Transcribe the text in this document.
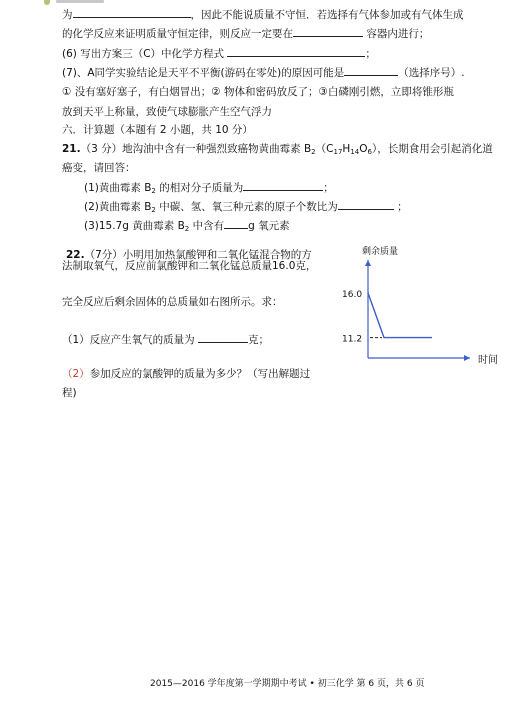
为	，因此不能说质量不守恒．若选择有气体参加或有气体生成
的化学反应来证明质量守恒定律，则反应一定要在	容器内进行；
(6) 写出方案三（C）中化学方程式	；
(7)、A同学实验结论是天平不平衡(游码在零处)的原因可能是	（选择序号）.
① 没有塞好塞子，有白烟冒出；② 物体和密码放反了；③白磷刚引燃，立即将锥形瓶
放到天平上称量，致使气球膨胀产生空气浮力
六．计算题（本题有 2 小题，共 10 分）
21.（3 分）地沟油中含有一种强烈致癌物黄曲霉素 $B_2(C_{17}H_{14}O_6)$，长期食用会引起消化道
癌变，请回答：
(1)黄曲霉素 $B_2$ 的相对分子质量为	；
(2)黄曲霉素 $B_2$ 中碳、氢、氧三种元素的原子个数比为	；
(3)15.7g 黄曲霉素 $B_2$ 中含有 g 氧元素
22.（7分）小明用加热氯酸钾和二氧化锰混合物的方
法制取氧气，反应前氯酸钾和二氧化锰总质量16.0克，
完全反应后剩余固体的总质量如右图所示。求：
（1）反应产生氧气的质量为	克；
（2）参加反应的氯酸钾的质量为多少？（写出解题过
程)
16.0
11.2
剩余质量
时间
2015—2016 学年度第一学期期中考试 • 初三化学 第 6 页，共 6 页
